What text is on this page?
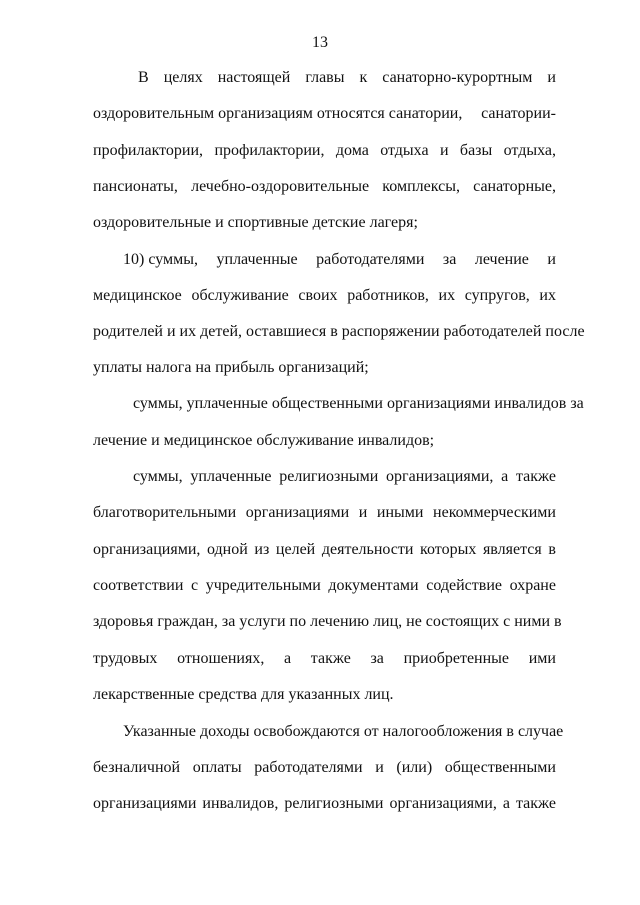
13
В целях настоящей главы к санаторно-курортным и
оздоровительным организациям относятся санатории, санатории-
профилактории, профилактории, дома отдыха и базы отдыха,
пансионаты, лечебно-оздоровительные комплексы, санаторные,
оздоровительные и спортивные детские лагеря;
10) суммы, уплаченные работодателями за лечение и
медицинское обслуживание своих работников, их супругов, их
родителей и их детей, оставшиеся в распоряжении работодателей после
уплаты налога на прибыль организаций;
суммы, уплаченные общественными организациями инвалидов за
лечение и медицинское обслуживание инвалидов;
суммы, уплаченные религиозными организациями, а также
благотворительными организациями и иными некоммерческими
организациями, одной из целей деятельности которых является в
соответствии с учредительными документами содействие охране
здоровья граждан, за услуги по лечению лиц, не состоящих с ними в
трудовых отношениях, а также за приобретенные ими
лекарственные средства для указанных лиц.
Указанные доходы освобождаются от налогообложения в случае
безналичной оплаты работодателями и (или) общественными
организациями инвалидов, религиозными организациями, а также
